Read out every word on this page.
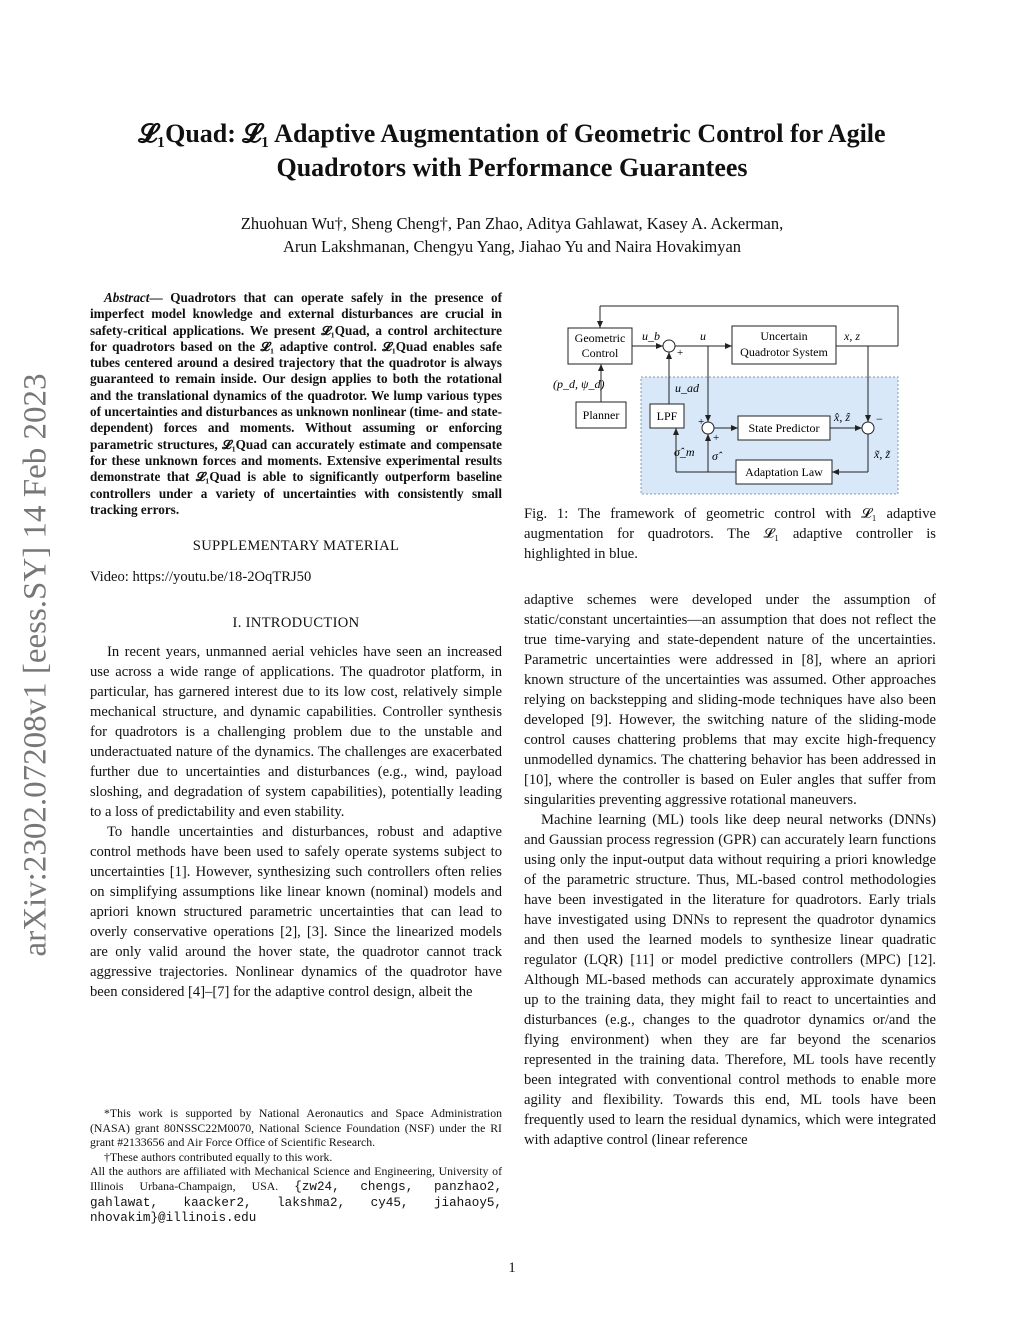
arXiv:2302.07208v1 [eess.SY] 14 Feb 2023
𝓛₁Quad: 𝓛₁ Adaptive Augmentation of Geometric Control for Agile
Quadrotors with Performance Guarantees
Zhuohuan Wu†, Sheng Cheng†, Pan Zhao, Aditya Gahlawat, Kasey A. Ackerman,
Arun Lakshmanan, Chengyu Yang, Jiahao Yu and Naira Hovakimyan

Abstract— Quadrotors that can operate safely in the presence of imperfect model knowledge and external disturbances are crucial in safety-critical applications. We present 𝓛₁Quad, a control architecture for quadrotors based on the 𝓛₁ adaptive control. 𝓛₁Quad enables safe tubes centered around a desired trajectory that the quadrotor is always guaranteed to remain inside. Our design applies to both the rotational and the translational dynamics of the quadrotor. We lump various types of uncertainties and disturbances as unknown nonlinear (time- and state-dependent) forces and moments. Without assuming or enforcing parametric structures, 𝓛₁Quad can accurately estimate and compensate for these unknown forces and moments. Extensive experimental results demonstrate that 𝓛₁Quad is able to significantly outperform baseline controllers under a variety of uncertainties with consistently small tracking errors.

SUPPLEMENTARY MATERIAL

Video: https://youtu.be/18-2OqTRJ50

I. INTRODUCTION

In recent years, unmanned aerial vehicles have seen an increased use across a wide range of applications. The quadrotor platform, in particular, has garnered interest due to its low cost, relatively simple mechanical structure, and dynamic capabilities. Controller synthesis for quadrotors is a challenging problem due to the unstable and underactuated nature of the dynamics. The challenges are exacerbated further due to uncertainties and disturbances (e.g., wind, payload sloshing, and degradation of system capabilities), potentially leading to a loss of predictability and even stability.

To handle uncertainties and disturbances, robust and adaptive control methods have been used to safely operate systems subject to uncertainties [1]. However, synthesizing such controllers often relies on simplifying assumptions like linear known (nominal) models and apriori known structured parametric uncertainties that can lead to overly conservative operations [2], [3]. Since the linearized models are only valid around the hover state, the quadrotor cannot track aggressive trajectories. Nonlinear dynamics of the quadrotor have been considered [4]–[7] for the adaptive control design, albeit the

*This work is supported by National Aeronautics and Space Administration (NASA) grant 80NSSC22M0070, National Science Foundation (NSF) under the RI grant #2133656 and Air Force Office of Scientific Research.

†These authors contributed equally to this work.

All the authors are affiliated with Mechanical Science and Engineering, University of Illinois Urbana-Champaign, USA. {zw24, chengs, panzhao2, gahlawat, kaacker2, lakshma2, cy45, jiahaoy5, nhovakim}@illinois.edu

Geometric
Control
Uncertain
Quadrotor System
Planner	LPF
State Predictor
Adaptation Law
+
+
+	−
u_b	u	x, z
(p_d, ψ_d)	u_ad
x̂, ẑ
x̃, z̃
σ̂_m σ̂

Fig. 1: The framework of geometric control with 𝓛₁ adaptive augmentation for quadrotors. The 𝓛₁ adaptive controller is highlighted in blue.

adaptive schemes were developed under the assumption of static/constant uncertainties—an assumption that does not reflect the true time-varying and state-dependent nature of the uncertainties. Parametric uncertainties were addressed in [8], where an apriori known structure of the uncertainties was assumed. Other approaches relying on backstepping and sliding-mode techniques have also been developed [9]. However, the switching nature of the sliding-mode control causes chattering problems that may excite high-frequency unmodelled dynamics. The chattering behavior has been addressed in [10], where the controller is based on Euler angles that suffer from singularities preventing aggressive rotational maneuvers.

Machine learning (ML) tools like deep neural networks (DNNs) and Gaussian process regression (GPR) can accurately learn functions using only the input-output data without requiring a priori knowledge of the parametric structure. Thus, ML-based control methodologies have been investigated in the literature for quadrotors. Early trials have investigated using DNNs to represent the quadrotor dynamics and then used the learned models to synthesize linear quadratic regulator (LQR) [11] or model predictive controllers (MPC) [12]. Although ML-based methods can accurately approximate dynamics up to the training data, they might fail to react to uncertainties and disturbances (e.g., changes to the quadrotor dynamics or/and the flying environment) when they are far beyond the scenarios represented in the training data. Therefore, ML tools have recently been integrated with conventional control methods to enable more agility and flexibility. Towards this end, ML tools have been frequently used to learn the residual dynamics, which were integrated with adaptive control (linear reference

1
